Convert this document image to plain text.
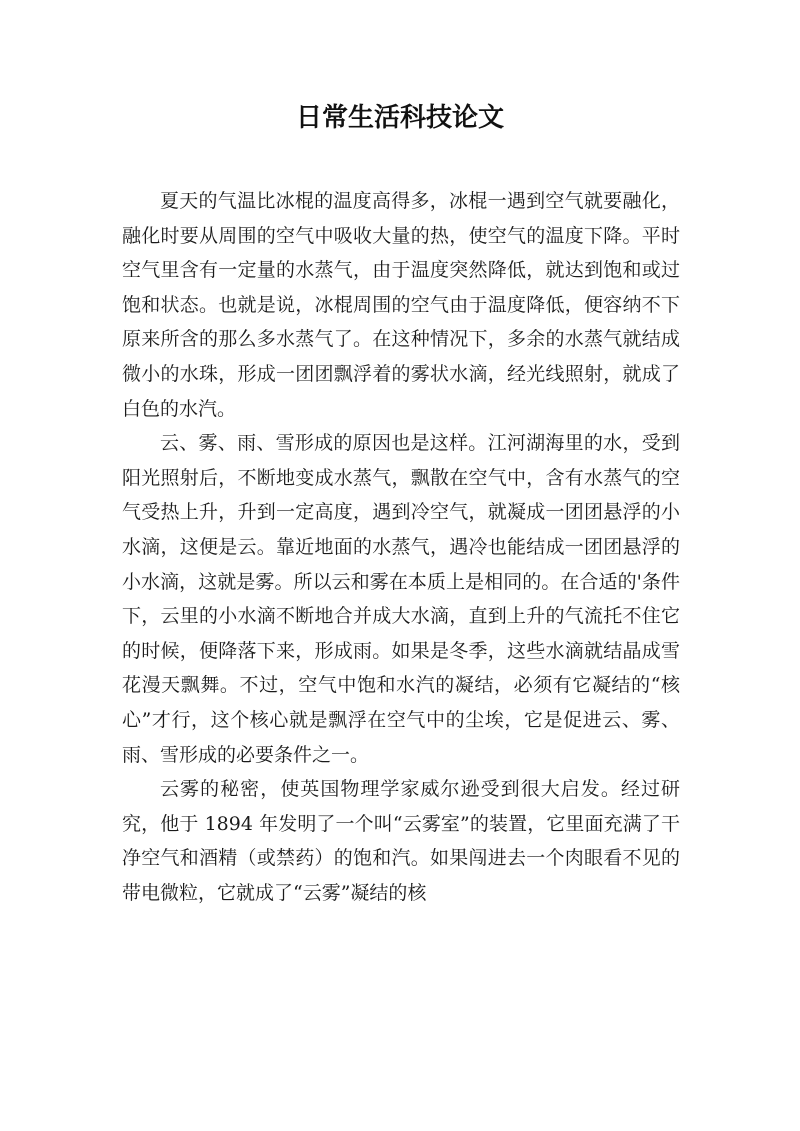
日常生活科技论文

夏天的气温比冰棍的温度高得多，冰棍一遇到空气就要融化，融化时要从周围的空气中吸收大量的热，使空气的温度下降。平时空气里含有一定量的水蒸气，由于温度突然降低，就达到饱和或过饱和状态。也就是说，冰棍周围的空气由于温度降低，便容纳不下原来所含的那么多水蒸气了。在这种情况下，多余的水蒸气就结成微小的水珠，形成一团团飘浮着的雾状水滴，经光线照射，就成了白色的水汽。

云、雾、雨、雪形成的原因也是这样。江河湖海里的水，受到阳光照射后，不断地变成水蒸气，飘散在空气中，含有水蒸气的空气受热上升，升到一定高度，遇到冷空气，就凝成一团团悬浮的小水滴，这便是云。靠近地面的水蒸气，遇冷也能结成一团团悬浮的小水滴，这就是雾。所以云和雾在本质上是相同的。在合适的'条件下，云里的小水滴不断地合并成大水滴，直到上升的气流托不住它的时候，便降落下来，形成雨。如果是冬季，这些水滴就结晶成雪花漫天飘舞。不过，空气中饱和水汽的凝结，必须有它凝结的“核心”才行，这个核心就是飘浮在空气中的尘埃，它是促进云、雾、雨、雪形成的必要条件之一。

云雾的秘密，使英国物理学家威尔逊受到很大启发。经过研究，他于 1894 年发明了一个叫“云雾室”的装置，它里面充满了干净空气和酒精（或禁药）的饱和汽。如果闯进去一个肉眼看不见的带电微粒，它就成了“云雾”凝结的核
